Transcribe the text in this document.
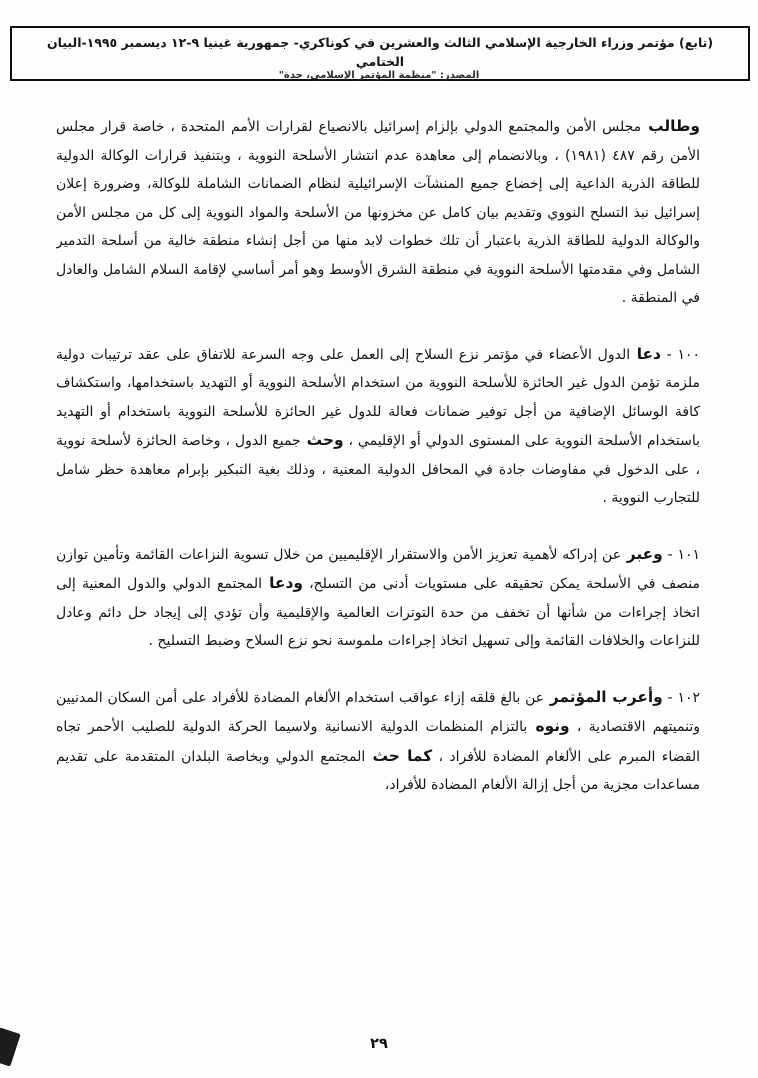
(تابع) مؤتمر وزراء الخارجية الإسلامي الثالث والعشرين في كوناكري- جمهورية غينيا ٩-١٢ ديسمبر ١٩٩٥-البيان الختامي
المصدر: "منظمة المؤتمر الإسلامي، جدة"

وطالب مجلس الأمن والمجتمع الدولي بإلزام إسرائيل بالانصياع لقرارات الأمم المتحدة ، خاصة قرار مجلس الأمن رقم ٤٨٧ (١٩٨١) ، وبالانضمام إلى معاهدة عدم انتشار الأسلحة النووية ، وبتنفيذ قرارات الوكالة الدولية للطاقة الذرية الداعية إلى إخضاع جميع المنشآت الإسرائيلية لنظام الضمانات الشاملة للوكالة، وضرورة إعلان إسرائيل نبذ التسلح النووي وتقديم بيان كامل عن مخزونها من الأسلحة والمواد النووية إلى كل من مجلس الأمن والوكالة الدولية للطاقة الذرية باعتبار أن تلك خطوات لابد منها من أجل إنشاء منطقة خالية من أسلحة التدمير الشامل وفي مقدمتها الأسلحة النووية في منطقة الشرق الأوسط وهو أمر أساسي لإقامة السلام الشامل والعادل في المنطقة .

١٠٠ - دعا الدول الأعضاء في مؤتمر نزع السلاح إلى العمل على وجه السرعة للاتفاق على عقد ترتيبات دولية ملزمة تؤمن الدول غير الحائزة للأسلحة النووية من استخدام الأسلحة النووية أو التهديد باستخدامها، واستكشاف كافة الوسائل الإضافية من أجل توفير ضمانات فعالة للدول غير الحائزة للأسلحة النووية باستخدام أو التهديد باستخدام الأسلحة النووية على المستوى الدولي أو الإقليمي ، وحث جميع الدول ، وخاصة الحائزة لأسلحة نووية ، على الدخول في مفاوضات جادة في المحافل الدولية المعنية ، وذلك بغية التبكير بإبرام معاهدة حظر شامل للتجارب النووية .

١٠١ - وعبر عن إدراكه لأهمية تعزيز الأمن والاستقرار الإقليميين من خلال تسوية النزاعات القائمة وتأمين توازن منصف في الأسلحة يمكن تحقيقه على مستويات أدنى من التسلح، ودعا المجتمع الدولي والدول المعنية إلى اتخاذ إجراءات من شأنها أن تخفف من حدة التوترات العالمية والإقليمية وأن تؤدي إلى إيجاد حل دائم وعادل للنزاعات والخلافات القائمة وإلى تسهيل اتخاذ إجراءات ملموسة نحو نزع السلاح وضبط التسليح .

١٠٢ - وأعرب المؤتمر عن بالغ قلقه إزاء عواقب استخدام الألغام المضادة للأفراد على أمن السكان المدنيين وتنميتهم الاقتصادية ، ونوه بالتزام المنظمات الدولية الانسانية ولاسيما الحركة الدولية للصليب الأحمر تجاه القضاء المبرم على الألغام المضادة للأفراد ، كما حث المجتمع الدولي وبخاصة البلدان المتقدمة على تقديم مساعدات مجزية من أجل إزالة الألغام المضادة للأفراد،

٢٩
